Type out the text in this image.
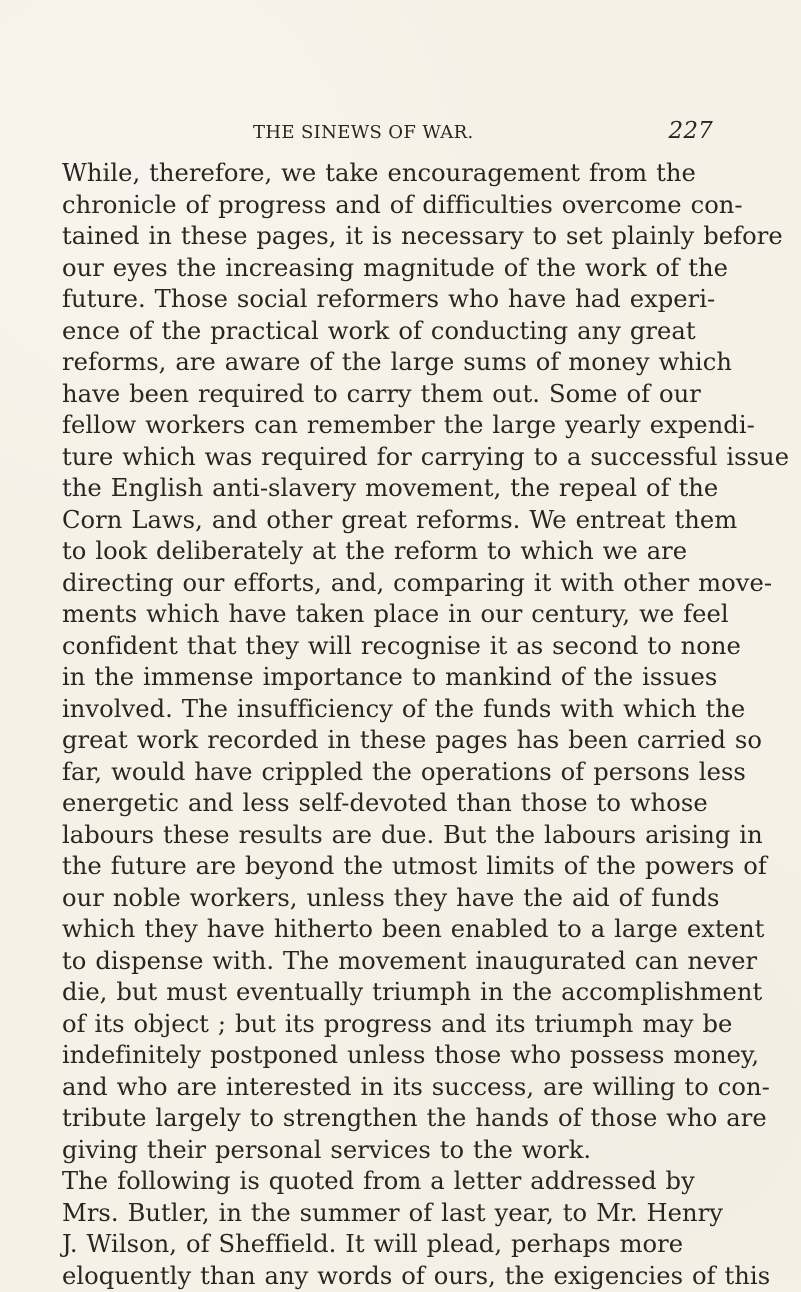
THE SINEWS OF WAR.	227

While, therefore, we take encouragement from the
chronicle of progress and of difficulties overcome con-
tained in these pages, it is necessary to set plainly before
our eyes the increasing magnitude of the work of the
future. Those social reformers who have had experi-
ence of the practical work of conducting any great
reforms, are aware of the large sums of money which
have been required to carry them out. Some of our
fellow workers can remember the large yearly expendi-
ture which was required for carrying to a successful issue
the English anti-slavery movement, the repeal of the
Corn Laws, and other great reforms. We entreat them
to look deliberately at the reform to which we are
directing our efforts, and, comparing it with other move-
ments which have taken place in our century, we feel
confident that they will recognise it as second to none
in the immense importance to mankind of the issues
involved. The insufficiency of the funds with which the
great work recorded in these pages has been carried so
far, would have crippled the operations of persons less
energetic and less self-devoted than those to whose
labours these results are due. But the labours arising in
the future are beyond the utmost limits of the powers of
our noble workers, unless they have the aid of funds
which they have hitherto been enabled to a large extent
to dispense with. The movement inaugurated can never
die, but must eventually triumph in the accomplishment
of its object ; but its progress and its triumph may be
indefinitely postponed unless those who possess money,
and who are interested in its success, are willing to con-
tribute largely to strengthen the hands of those who are
giving their personal services to the work.

The following is quoted from a letter addressed by
Mrs. Butler, in the summer of last year, to Mr. Henry
J. Wilson, of Sheffield. It will plead, perhaps more
eloquently than any words of ours, the exigencies of this
